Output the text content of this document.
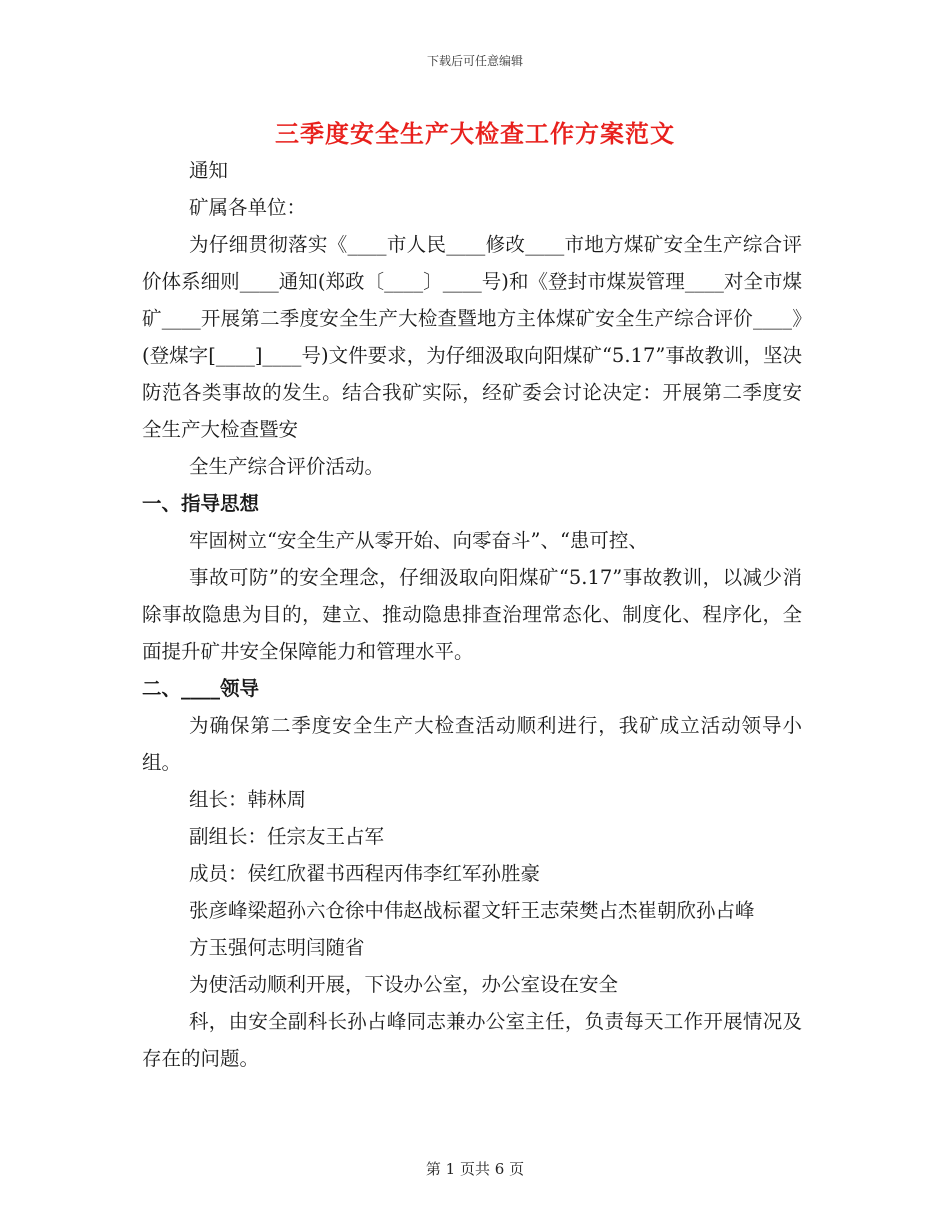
下载后可任意编辑
三季度安全生产大检查工作方案范文

通知

矿属各单位：

为仔细贯彻落实《____市人民____修改____市地方煤矿安全生产综合评价体系细则____通知(郑政〔____〕____号)和《登封市煤炭管理____对全市煤矿____开展第二季度安全生产大检查暨地方主体煤矿安全生产综合评价____》(登煤字[____]____号)文件要求，为仔细汲取向阳煤矿“5.17”事故教训，坚决防范各类事故的发生。结合我矿实际，经矿委会讨论决定：开展第二季度安全生产大检查暨安

全生产综合评价活动。

一、指导思想

牢固树立“安全生产从零开始、向零奋斗”、“患可控、

事故可防”的安全理念，仔细汲取向阳煤矿“5.17”事故教训，以减少消除事故隐患为目的，建立、推动隐患排查治理常态化、制度化、程序化，全面提升矿井安全保障能力和管理水平。

二、____领导

为确保第二季度安全生产大检查活动顺利进行，我矿成立活动领导小组。

组长：韩林周

副组长：任宗友王占军

成员：侯红欣翟书西程丙伟李红军孙胜豪

张彦峰梁超孙六仓徐中伟赵战标翟文轩王志荣樊占杰崔朝欣孙占峰

方玉强何志明闫随省

为使活动顺利开展，下设办公室，办公室设在安全

科，由安全副科长孙占峰同志兼办公室主任，负责每天工作开展情况及存在的问题。

第 1 页共 6 页
